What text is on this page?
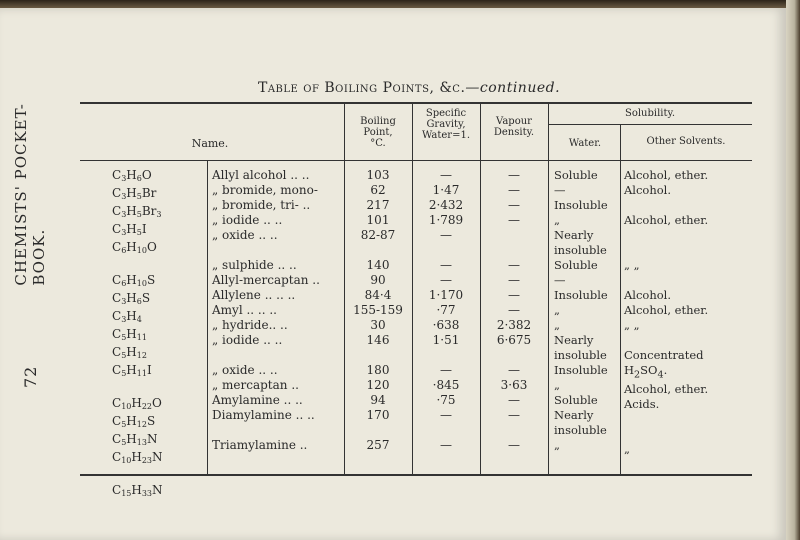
72
CHEMISTS' POCKET-BOOK.
Table of Boiling Points, &c.—continued.
Name.
Boiling
Point,
°C.
Specific
Gravity,
Water=1.
Vapour
Density.
Solubility.
Water.	Other Solvents.
$C_3H_6O$
$C_3H_5Br$
$C_3H_5Br_3$
$C_3H_5I$
$C_6H_{10}O$

$C_6H_{10}S$
$C_3H_6S$
$C_3H_4$
$C_5H_{11}$
$C_5H_{12}$
$C_5H_{11}I$

$C_{10}H_{22}O$
$C_5H_{12}S$
$C_5H_{13}N$
$C_{10}H_{23}N$

$C_{15}H_{33}N$
Allyl alcohol .. ..
„ bromide, mono-
„ bromide, tri- ..
„ iodide .. ..
„ oxide .. ..

„ sulphide .. ..
Allyl-mercaptan ..
Allylene .. .. ..
Amyl .. .. ..
„ hydride.. ..
„ iodide .. ..

„ oxide .. ..
„ mercaptan ..
Amylamine .. ..
Diamylamine .. ..

Triamylamine ..
103
62
217
101
82-87

140
90
84·4
155-159
30
146

180
120
94
170

257
—
1·47
2·432
1·789
—

—
—
1·170
·77
·638
1·51

—
·845
·75
—

—
—
—
—
—

—
—
—
—
2·382
6·675

—
3·63
—
—

—
Soluble
—
Insoluble
„
Nearly
insoluble
Soluble
—
Insoluble
„
„
Nearly
insoluble
Insoluble
„
Soluble
Nearly
insoluble
„
Alcohol, ether.
Alcohol.

Alcohol, ether.

„ „

Alcohol.
Alcohol, ether.
„ „

Concentrated
$H_2SO_4$.
Alcohol, ether.
Acids.

„
